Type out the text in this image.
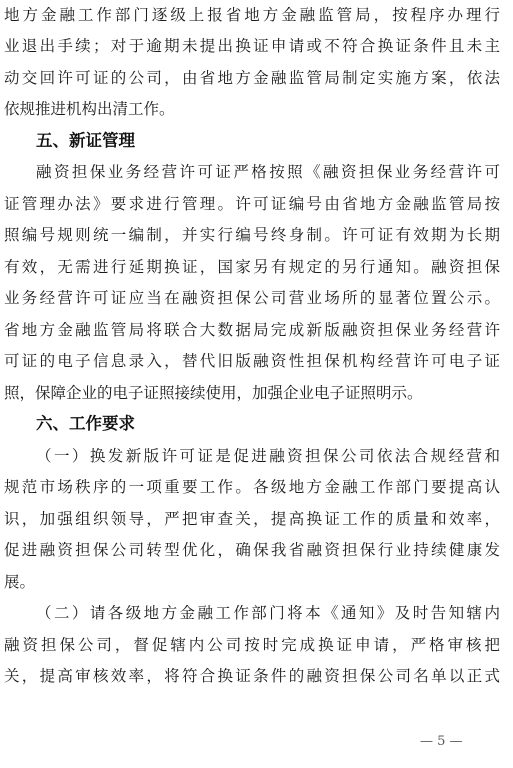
地方金融工作部门逐级上报省地方金融监管局，按程序办理行
业退出手续；对于逾期未提出换证申请或不符合换证条件且未主
动交回许可证的公司，由省地方金融监管局制定实施方案，依法
依规推进机构出清工作。
五、新证管理
融资担保业务经营许可证严格按照《融资担保业务经营许可
证管理办法》要求进行管理。许可证编号由省地方金融监管局按
照编号规则统一编制，并实行编号终身制。许可证有效期为长期
有效，无需进行延期换证，国家另有规定的另行通知。融资担保
业务经营许可证应当在融资担保公司营业场所的显著位置公示。
省地方金融监管局将联合大数据局完成新版融资担保业务经营许
可证的电子信息录入，替代旧版融资性担保机构经营许可电子证
照，保障企业的电子证照接续使用，加强企业电子证照明示。
六、工作要求
（一）换发新版许可证是促进融资担保公司依法合规经营和
规范市场秩序的一项重要工作。各级地方金融工作部门要提高认
识，加强组织领导，严把审查关，提高换证工作的质量和效率，
促进融资担保公司转型优化，确保我省融资担保行业持续健康发
展。
（二）请各级地方金融工作部门将本《通知》及时告知辖内
融资担保公司，督促辖内公司按时完成换证申请，严格审核把
关，提高审核效率，将符合换证条件的融资担保公司名单以正式
— 5 —
